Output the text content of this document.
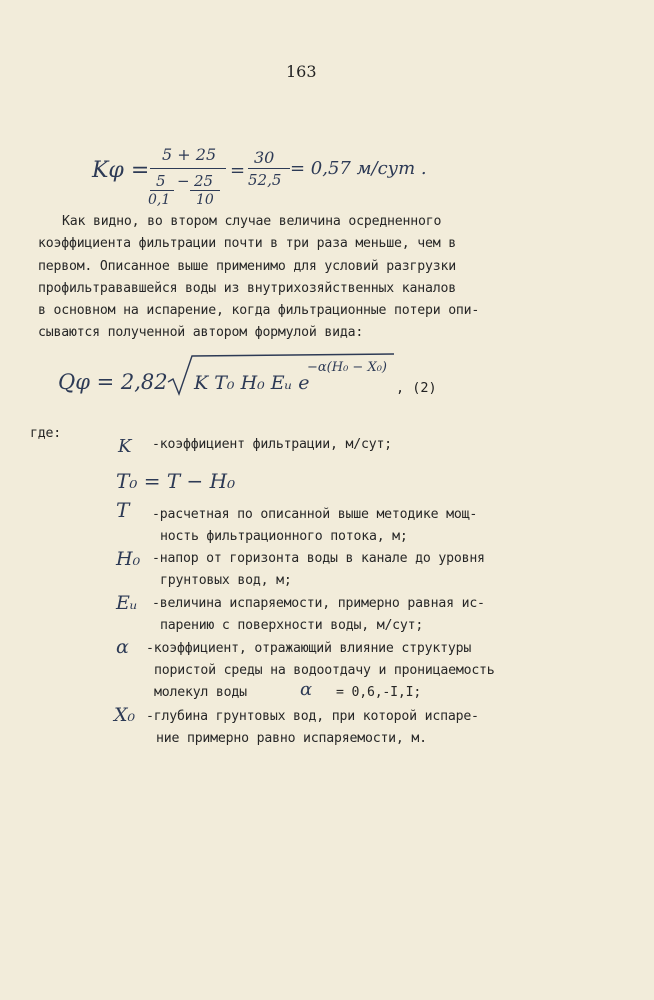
163
Kφ =
5 + 25
5 − 25
0,1 10
=
30
52,5
= 0,57 м/сут .
Как видно, во втором случае величина осредненного
коэффициента фильтрации почти в три раза меньше, чем в
первом. Описанное выше применимо для условий разгрузки
профильтрававшейся воды из внутрихозяйственных каналов
в основном на испарение, когда фильтрационные потери опи-
сываются полученной автором формулой вида:
Qφ = 2,82 K T₀ H₀ Eᵤ e
−α(H₀ − X₀)
, (2)
где:
K -коэффициент фильтрации, м/сут;
T₀ = T − H₀
T -расчетная по описанной выше методике мощ-
ность фильтрационного потока, м;
H₀ -напор от горизонта воды в канале до уровня
грунтовых вод, м;
Eᵤ -величина испаряемости, примерно равная ис-
парению с поверхности воды, м/сут;
α -коэффициент, отражающий влияние структуры
пористой среды на водоотдачу и проницаемость
молекул воды	α = 0,6,-I,I;
X₀ -глубина грунтовых вод, при которой испаре-
ние примерно равно испаряемости, м.
